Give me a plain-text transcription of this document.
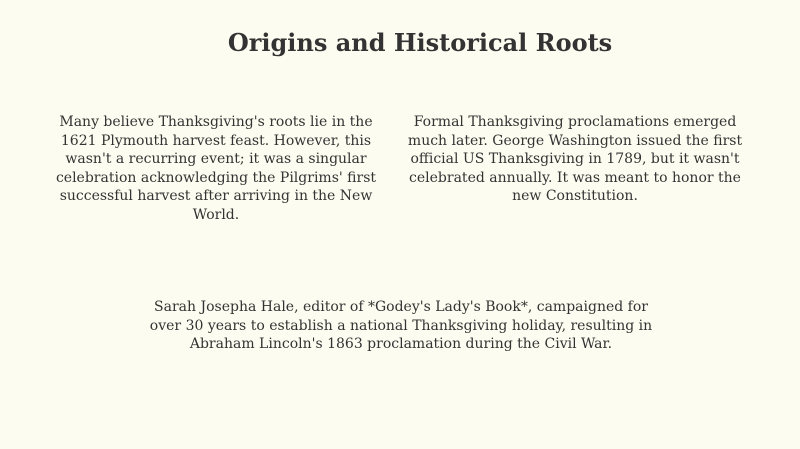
Origins and Historical Roots

Many believe Thanksgiving's roots lie in the 1621 Plymouth harvest feast. However, this wasn't a recurring event; it was a singular celebration acknowledging the Pilgrims' first successful harvest after arriving in the New World.

Formal Thanksgiving proclamations emerged much later. George Washington issued the first official US Thanksgiving in 1789, but it wasn't celebrated annually. It was meant to honor the new Constitution.

Sarah Josepha Hale, editor of *Godey's Lady's Book*, campaigned for over 30 years to establish a national Thanksgiving holiday, resulting in Abraham Lincoln's 1863 proclamation during the Civil War.
